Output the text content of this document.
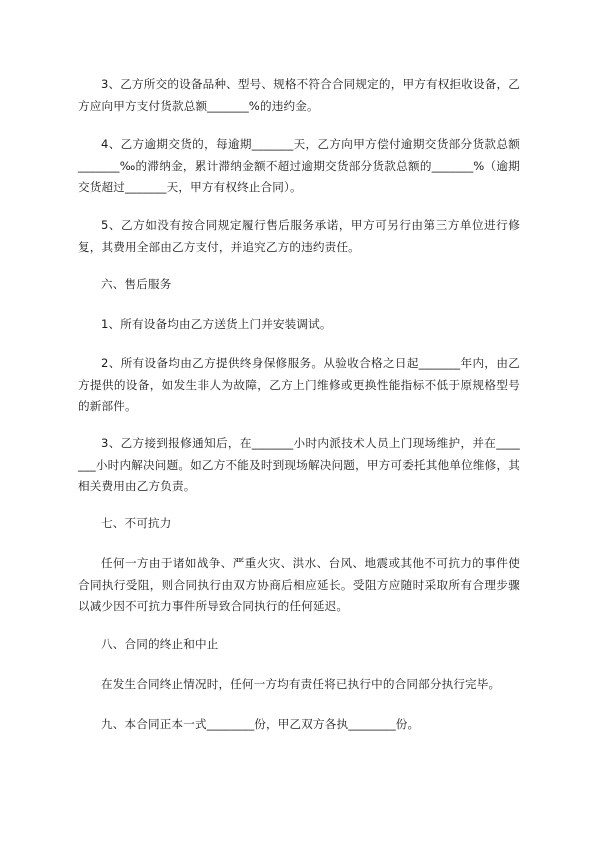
3、乙方所交的设备品种、型号、规格不符合合同规定的，甲方有权拒收设备，乙方应向甲方支付货款总额_______%的违约金。

4、乙方逾期交货的，每逾期_______天，乙方向甲方偿付逾期交货部分货款总额_______‰的滞纳金，累计滞纳金额不超过逾期交货部分货款总额的_______%（逾期交货超过_______天，甲方有权终止合同）。

5、乙方如没有按合同规定履行售后服务承诺，甲方可另行由第三方单位进行修复，其费用全部由乙方支付，并追究乙方的违约责任。

六、售后服务

1、所有设备均由乙方送货上门并安装调试。

2、所有设备均由乙方提供终身保修服务。从验收合格之日起_______年内，由乙方提供的设备，如发生非人为故障，乙方上门维修或更换性能指标不低于原规格型号的新部件。

3、乙方接到报修通知后，在_______小时内派技术人员上门现场维护，并在_______小时内解决问题。如乙方不能及时到现场解决问题，甲方可委托其他单位维修，其相关费用由乙方负责。

七、不可抗力

任何一方由于诸如战争、严重火灾、洪水、台风、地震或其他不可抗力的事件使合同执行受阻，则合同执行由双方协商后相应延长。受阻方应随时采取所有合理步骤以减少因不可抗力事件所导致合同执行的任何延迟。

八、合同的终止和中止

在发生合同终止情况时，任何一方均有责任将已执行中的合同部分执行完毕。

九、本合同正本一式________份，甲乙双方各执________份。
